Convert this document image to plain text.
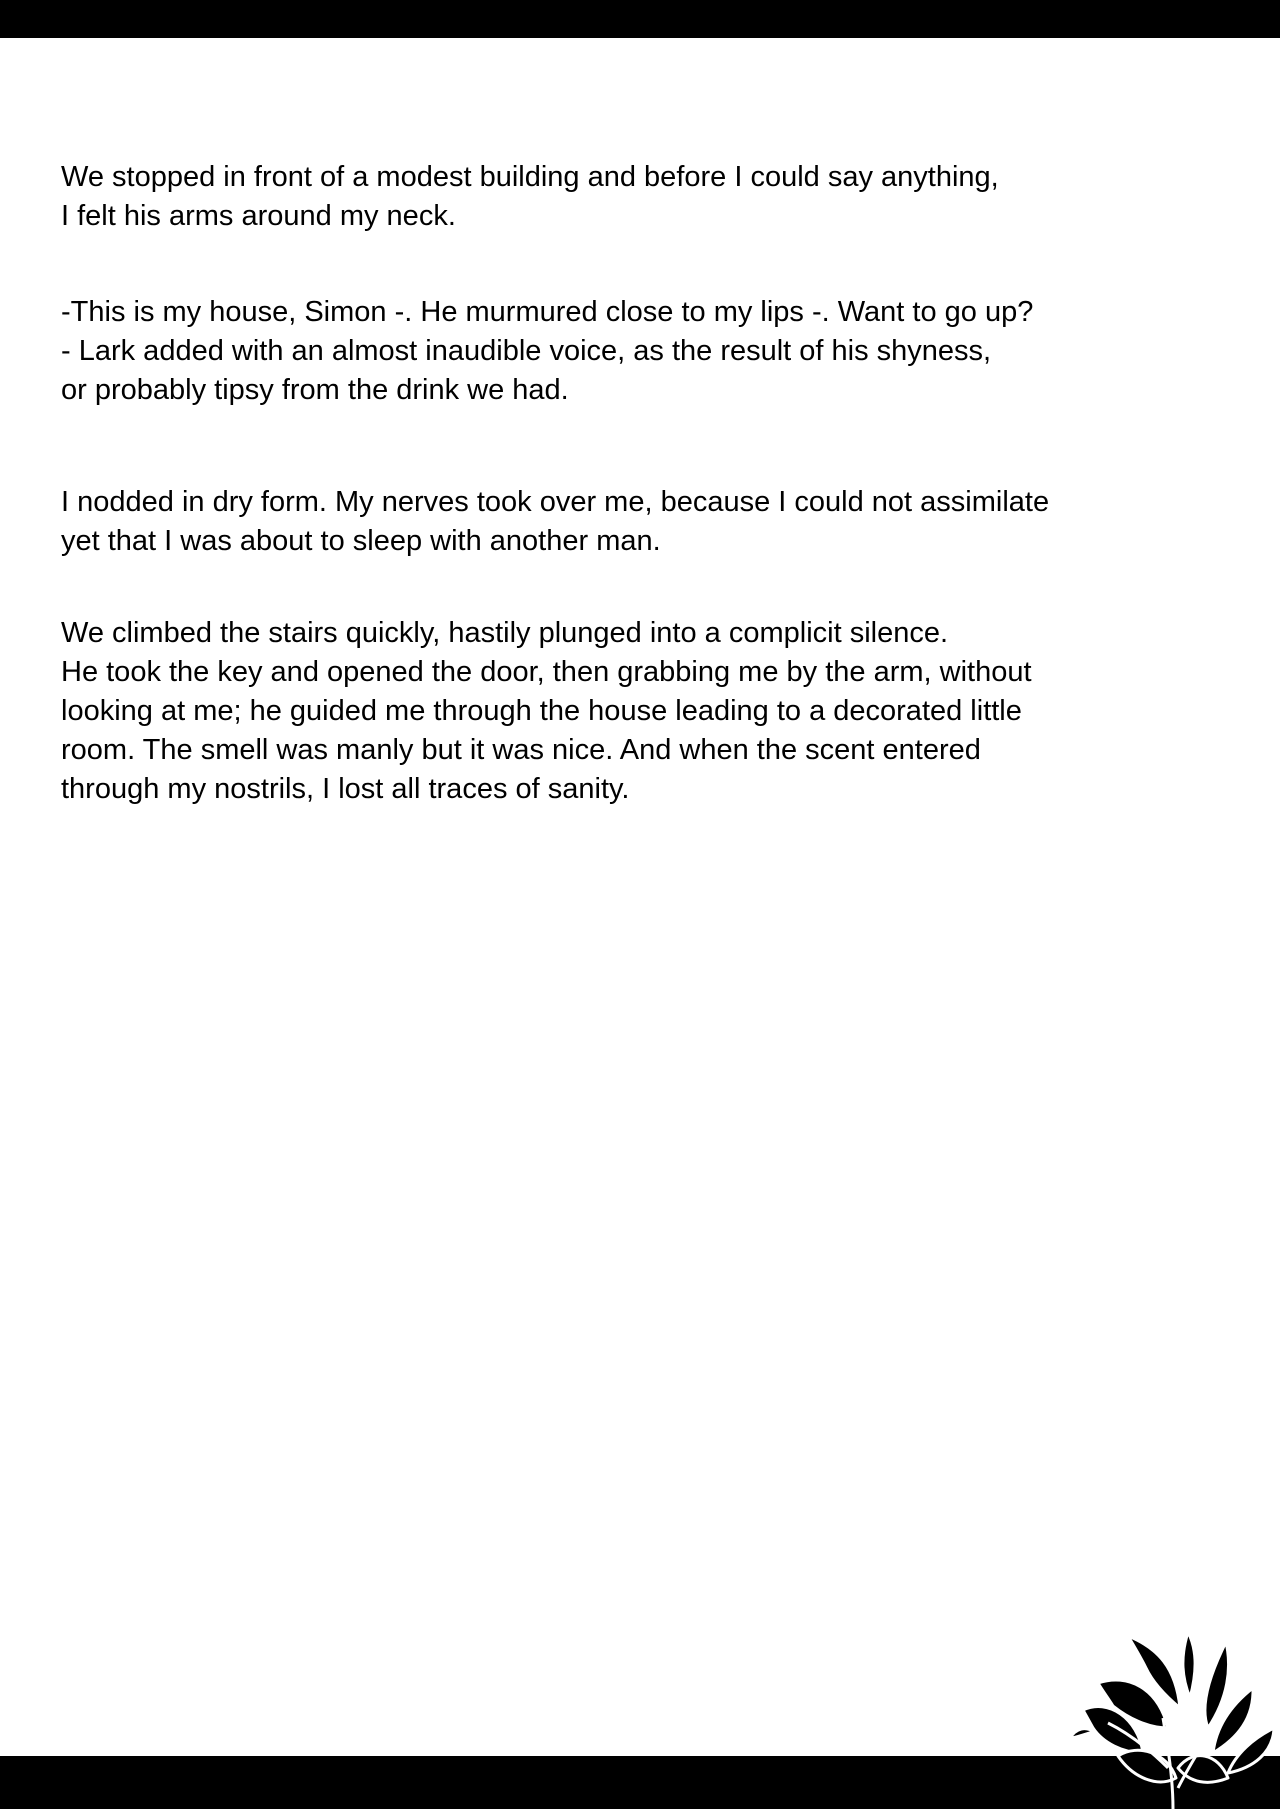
We stopped in front of a modest building and before I could say anything,
I felt his arms around my neck.

-This is my house, Simon -. He murmured close to my lips -. Want to go up?
- Lark added with an almost inaudible voice, as the result of his shyness,
or probably tipsy from the drink we had.

I nodded in dry form. My nerves took over me, because I could not assimilate
yet that I was about to sleep with another man.

We climbed the stairs quickly, hastily plunged into a complicit silence.
He took the key and opened the door, then grabbing me by the arm, without
looking at me; he guided me through the house leading to a decorated little
room. The smell was manly but it was nice. And when the scent entered
through my nostrils, I lost all traces of sanity.
